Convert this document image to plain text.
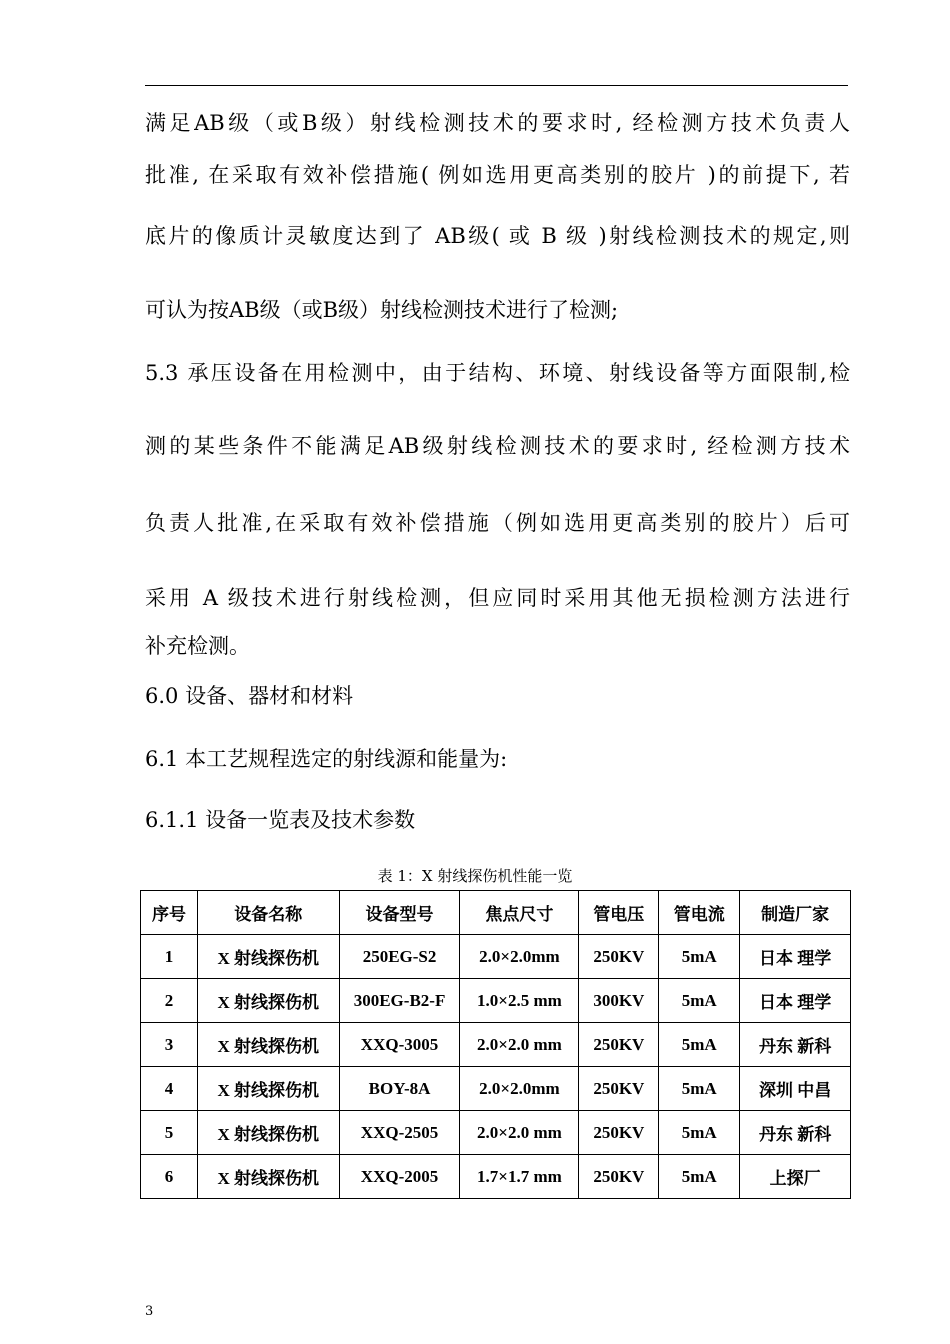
满足AB级（或B级）射线检测技术的要求时, 经检测方技术负责人
批准, 在采取有效补偿措施( 例如选用更高类别的胶片 )的前提下, 若
底片的像质计灵敏度达到了 AB级( 或 B 级 )射线检测技术的规定,则
可认为按AB级（或B级）射线检测技术进行了检测;
5.3 承压设备在用检测中，由于结构、环境、射线设备等方面限制,检
测的某些条件不能满足AB级射线检测技术的要求时, 经检测方技术
负责人批准,在采取有效补偿措施（例如选用更高类别的胶片）后可
采用 A 级技术进行射线检测，但应同时采用其他无损检测方法进行
补充检测。
6.0 设备、器材和材料
6.1 本工艺规程选定的射线源和能量为:
6.1.1 设备一览表及技术参数
表 1：X 射线探伤机性能一览
序号	设备名称	设备型号	焦点尺寸	管电压	管电流	制造厂家
1	X 射线探伤机	250EG-S2	2.0×2.0mm	250KV	5mA	日本 理学
2	X 射线探伤机	300EG-B2-F	1.0×2.5 mm	300KV	5mA	日本 理学
3	X 射线探伤机	XXQ-3005	2.0×2.0 mm	250KV	5mA	丹东 新科
4	X 射线探伤机	BOY-8A	2.0×2.0mm	250KV	5mA	深圳 中昌
5	X 射线探伤机	XXQ-2505	2.0×2.0 mm	250KV	5mA	丹东 新科
6	X 射线探伤机	XXQ-2005	1.7×1.7 mm	250KV	5mA	上探厂
3
